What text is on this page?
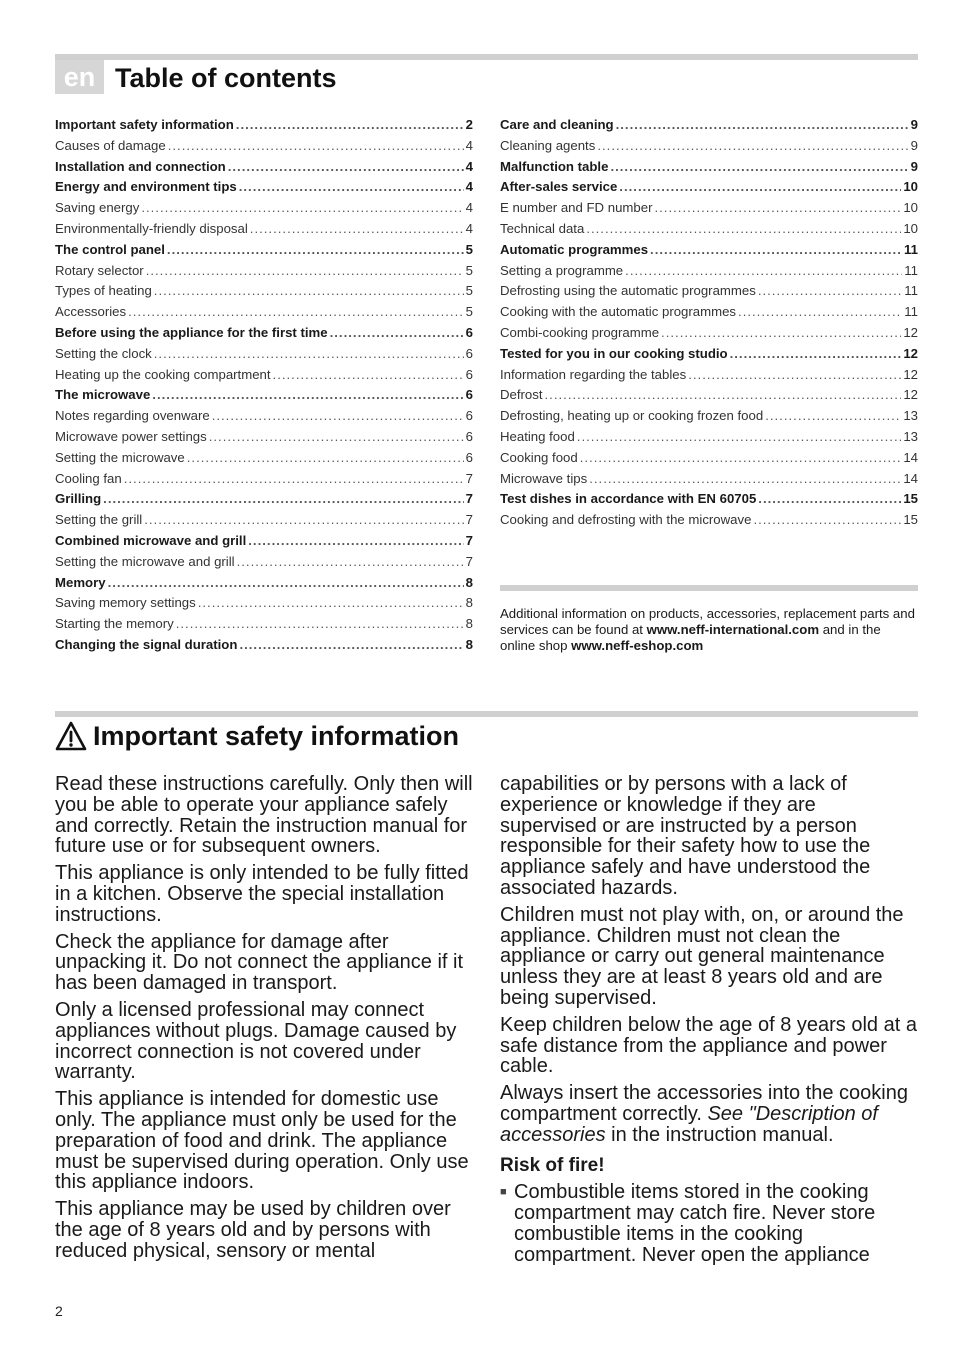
en Table of contents
Important safety information .....	2
Causes of damage .....	4
Installation and connection .....	4
Energy and environment tips .....	4
Saving energy .....	4
Environmentally-friendly disposal .....	4
The control panel .....	5
Rotary selector .....	5
Types of heating .....	5
Accessories .....	5
Before using the appliance for the first time .....	6
Setting the clock .....	6
Heating up the cooking compartment .....	6
The microwave .....	6
Notes regarding ovenware .....	6
Microwave power settings .....	6
Setting the microwave .....	6
Cooling fan .....	7
Grilling .....	7
Setting the grill .....	7
Combined microwave and grill .....	7
Setting the microwave and grill .....	7
Memory .....	8
Saving memory settings .....	8
Starting the memory .....	8
Changing the signal duration .....	8
Care and cleaning .....	9
Cleaning agents .....	9
Malfunction table .....	9
After-sales service .....	10
E number and FD number .....	10
Technical data .....	10
Automatic programmes .....	11
Setting a programme .....	11
Defrosting using the automatic programmes .....	11
Cooking with the automatic programmes .....	11
Combi-cooking programme .....	12
Tested for you in our cooking studio .....	12
Information regarding the tables .....	12
Defrost .....	12
Defrosting, heating up or cooking frozen food .....	13
Heating food .....	13
Cooking food .....	14
Microwave tips .....	14
Test dishes in accordance with EN 60705 .....	15
Cooking and defrosting with the microwave .....	15
Additional information on products, accessories, replacement parts and services can be found at www.neff-international.com and in the online shop www.neff-eshop.com
Important safety information

Read these instructions carefully. Only then will you be able to operate your appliance safely and correctly. Retain the instruction manual for future use or for subsequent owners.

This appliance is only intended to be fully fitted in a kitchen. Observe the special installation instructions.

Check the appliance for damage after unpacking it. Do not connect the appliance if it has been damaged in transport.

Only a licensed professional may connect appliances without plugs. Damage caused by incorrect connection is not covered under warranty.

This appliance is intended for domestic use only. The appliance must only be used for the preparation of food and drink. The appliance must be supervised during operation. Only use this appliance indoors.

This appliance may be used by children over the age of 8 years old and by persons with reduced physical, sensory or mental

capabilities or by persons with a lack of experience or knowledge if they are supervised or are instructed by a person responsible for their safety how to use the appliance safely and have understood the associated hazards.

Children must not play with, on, or around the appliance. Children must not clean the appliance or carry out general maintenance unless they are at least 8 years old and are being supervised.

Keep children below the age of 8 years old at a safe distance from the appliance and power cable.

Always insert the accessories into the cooking compartment correctly. See "Description of accessories in the instruction manual.

Risk of fire!
■ Combustible items stored in the cooking compartment may catch fire. Never store combustible items in the cooking compartment. Never open the appliance
2
